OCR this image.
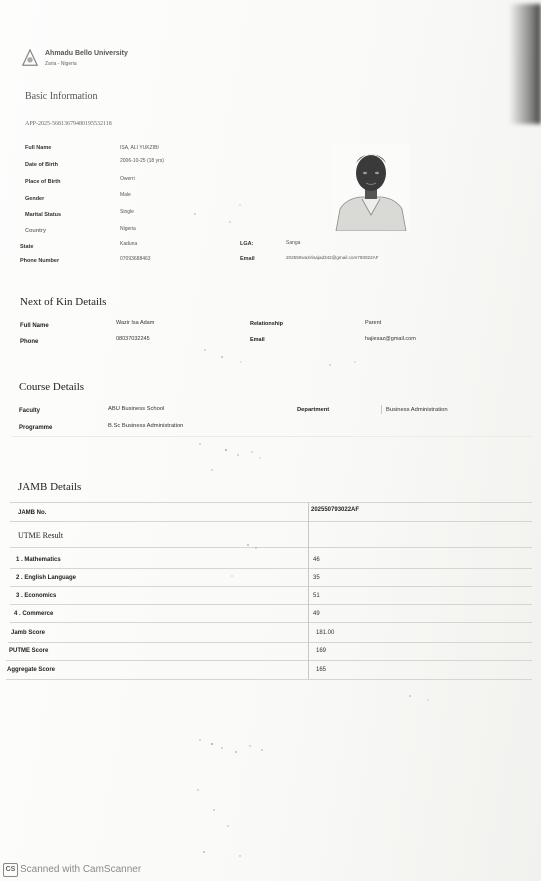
Ahmadu Bello University
Zaria - Nigeria
Basic Information
APP-2025-56813679480195532118
Full Name	ISA, ALI YUKZIBI
Date of Birth
2006-10-25 (18 yrs)
Place of Birth	Owerri
Gender
Male
Marital Status	Single
Country	Nigeria
State	Kaduna
Phone Number	07093688463
LGA:	Sanga
Email	202550wazirisajad342@gmail.com793022AF
Next of Kin Details
Full Name	Wazir Isa Adam	Relationship	Parent
Phone	08037032245	Email	hajiesaz@gmail.com
Course Details
Faculty	ABU Business School	Department	Business Administration
Programme	B.Sc Business Administration
JAMB Details
JAMB No.	202550793022AF
UTME Result
1 . Mathematics	46
2 . English Language	35
3 . Economics	51
4 . Commerce	49
Jamb Score	181.00
PUTME Score	169
Aggregate Score	165
CS Scanned with CamScanner
